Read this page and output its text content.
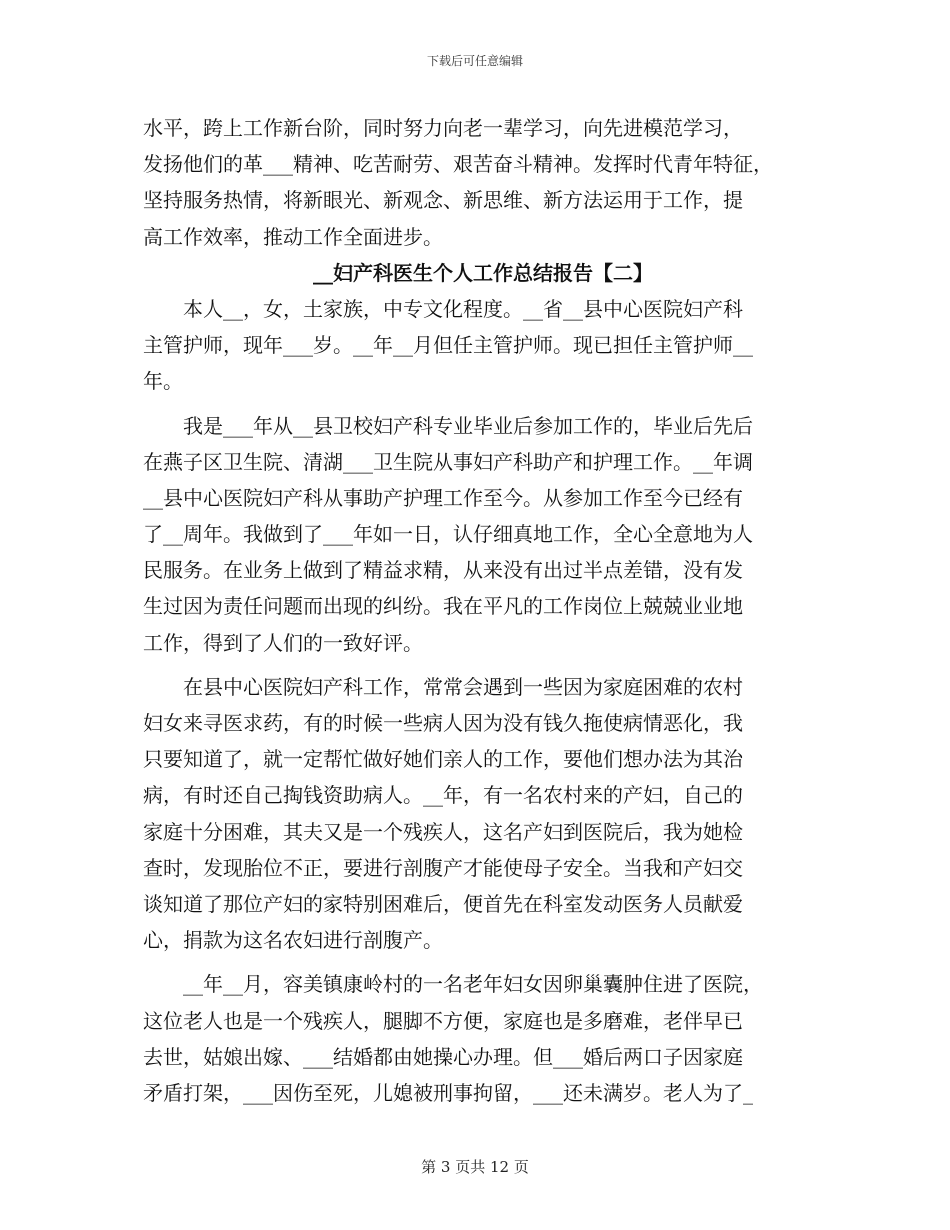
下载后可任意编辑
水平，跨上工作新台阶，同时努力向老一辈学习，向先进模范学习，
发扬他们的革___精神、吃苦耐劳、艰苦奋斗精神。发挥时代青年特征，
坚持服务热情，将新眼光、新观念、新思维、新方法运用于工作，提
高工作效率，推动工作全面进步。
__妇产科医生个人工作总结报告【二】
　　本人__，女，土家族，中专文化程度。__省__县中心医院妇产科
主管护师，现年___岁。__年__月但任主管护师。现已担任主管护师__
年。
　　我是___年从__县卫校妇产科专业毕业后参加工作的，毕业后先后
在燕子区卫生院、清湖___卫生院从事妇产科助产和护理工作。__年调
__县中心医院妇产科从事助产护理工作至今。从参加工作至今已经有
了__周年。我做到了___年如一日，认仔细真地工作，全心全意地为人
民服务。在业务上做到了精益求精，从来没有出过半点差错，没有发
生过因为责任问题而出现的纠纷。我在平凡的工作岗位上兢兢业业地
工作，得到了人们的一致好评。
　　在县中心医院妇产科工作，常常会遇到一些因为家庭困难的农村
妇女来寻医求药，有的时候一些病人因为没有钱久拖使病情恶化，我
只要知道了，就一定帮忙做好她们亲人的工作，要他们想办法为其治
病，有时还自己掏钱资助病人。__年，有一名农村来的产妇，自己的
家庭十分困难，其夫又是一个残疾人，这名产妇到医院后，我为她检
查时，发现胎位不正，要进行剖腹产才能使母子安全。当我和产妇交
谈知道了那位产妇的家特别困难后，便首先在科室发动医务人员献爱
心，捐款为这名农妇进行剖腹产。
　　__年__月，容美镇康岭村的一名老年妇女因卵巢囊肿住进了医院，
这位老人也是一个残疾人，腿脚不方便，家庭也是多磨难，老伴早已
去世，姑娘出嫁、___结婚都由她操心办理。但___婚后两口子因家庭
矛盾打架，___因伤至死，儿媳被刑事拘留，___还未满岁。老人为了_
第 3 页共 12 页
